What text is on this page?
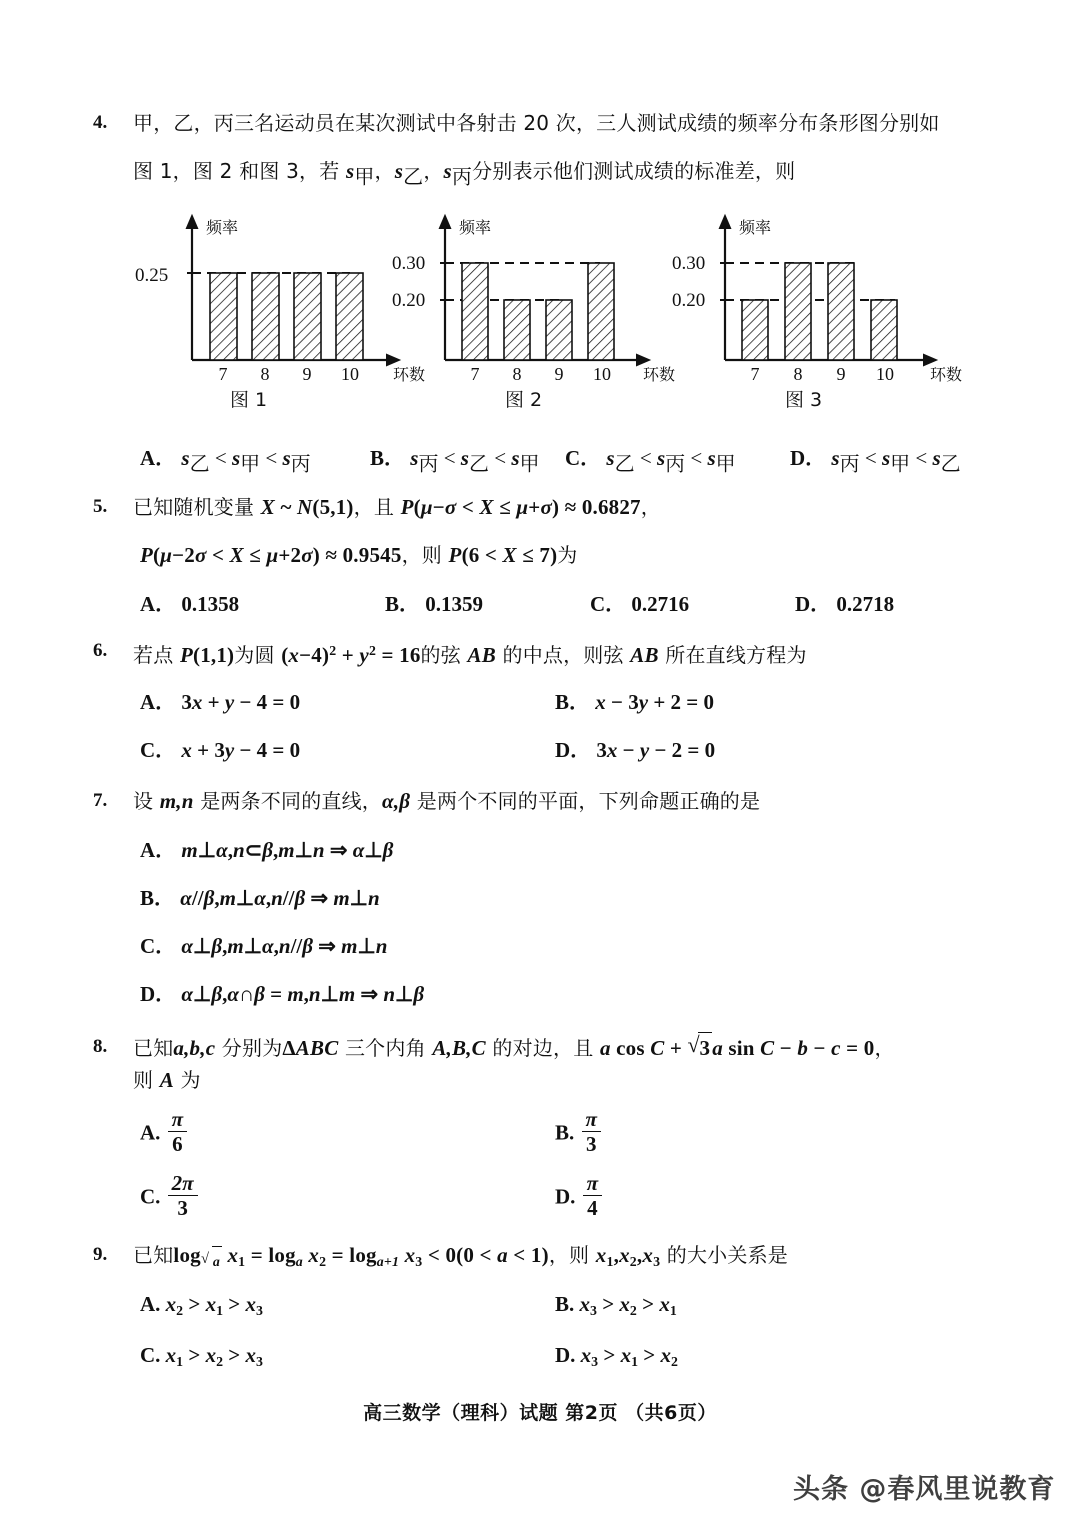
4. 甲，乙，丙三名运动员在某次测试中各射击 20 次，三人测试成绩的频率分布条形图分别如
图 1，图 2 和图 3，若 $s_甲$，$s_乙$，$s_丙$分别表示他们测试成绩的标准差，则
频率
7 8 9 10 环数
0.25
图 1
频率
7 8 9 10 环数
0.30
0.20
图 2
频率
7 8 9 10 环数
0.30
0.20
图 3
A． $s_乙 < s_甲 < s_丙$	B． $s_丙 < s_乙 < s_甲$ C． $s_乙 < s_丙 < s_甲$	D． $s_丙 < s_甲 < s_乙$
5. 已知随机变量 X ~ N(5,1)，且 P(μ−σ < X ≤ μ+σ) ≈ 0.6827，
P(μ−2σ < X ≤ μ+2σ) ≈ 0.9545，则 P(6 < X ≤ 7)为
A． 0.1358	B． 0.1359	C． 0.2716	D． 0.2718
6. 若点 P(1,1)为圆 $(x-4)^2 + y^2 = 16$的弦 AB 的中点，则弦 AB 所在直线方程为
A． 3x + y − 4 = 0	B． x − 3y + 2 = 0
C． x + 3y − 4 = 0	D． 3x − y − 2 = 0
7. 设 m,n 是两条不同的直线，α,β 是两个不同的平面，下列命题正确的是
A． m⊥α,n⊂β,m⊥n ⇒ α⊥β
B． α//β,m⊥α,n//β ⇒ m⊥n
C． α⊥β,m⊥α,n//β ⇒ m⊥n
D． α⊥β,α∩β = m,n⊥m ⇒ n⊥β
8. 已知a,b,c 分别为ΔABC 三个内角 A,B,C 的对边，且 a cos C + √ 3a sin C − b − c = 0，
则 A 为
A. $\frac{\pi}{6}$	B. $\frac{\pi}{3}$
C. $\frac{2\pi}{3}$	D. $\frac{\pi}{4}$
9. 已知log √ $_a$ $x_1 = \log_a x_2 = \log_{a+1} x_3 < 0(0 < a < 1)$，则 $x_1,x_2,x_3$ 的大小关系是
A. $x_2 > x_1 > x_3$	B. $x_3 > x_2 > x_1$
C. $x_1 > x_2 > x_3$	D. $x_3 > x_1 > x_2$
高三数学（理科）试题 第2页 （共6页）
头条 @春风里说教育
